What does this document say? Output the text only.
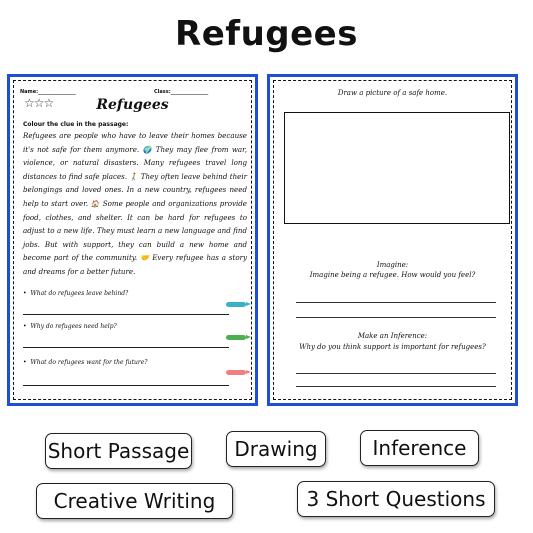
Refugees
Name:_______________	Class:_______________
☆☆☆	Refugees
Colour the clue in the passage:

Refugees are people who have to leave their homes because it's not safe for them anymore. 🌍 They may flee from war, violence, or natural disasters. Many refugees travel long distances to find safe places. 🚶 They often leave behind their belongings and loved ones. In a new country, refugees need help to start over. 🏠 Some people and organizations provide food, clothes, and shelter. It can be hard for refugees to adjust to a new life. They must learn a new language and find jobs. But with support, they can build a new home and become part of the community. 🤝 Every refugee has a story and dreams for a better future.

• What do refugees leave behind?
• Why do refugees need help?
• What do refugees want for the future?
Draw a picture of a safe home.
Imagine:
Imagine being a refugee. How would you feel?
Make an Inference:
Why do you think support is important for refugees?
Short Passage	Drawing	Inference
Creative Writing	3 Short Questions
